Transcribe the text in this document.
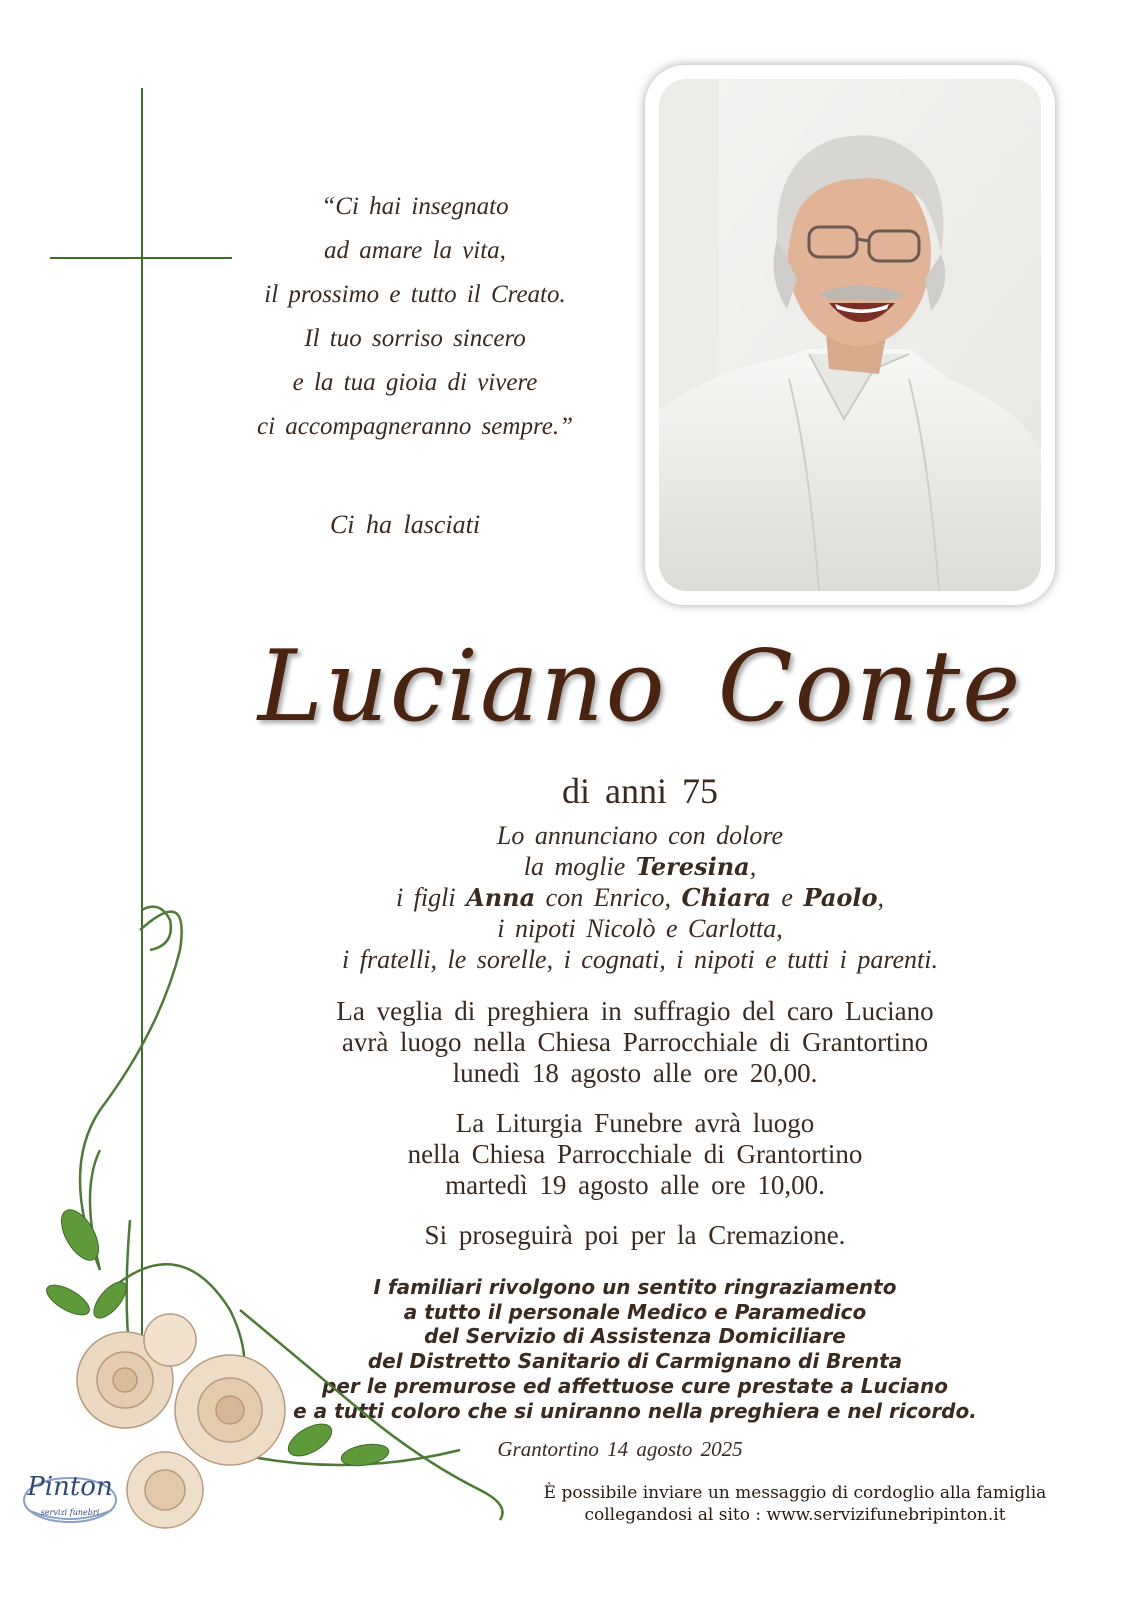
“Ci hai insegnato

ad amare la vita,

il prossimo e tutto il Creato.

Il tuo sorriso sincero

e la tua gioia di vivere

ci accompagneranno sempre.”

Ci ha lasciati
Luciano Conte
di anni 75

Lo annunciano con dolore

la moglie Teresina,

i figli Anna con Enrico, Chiara e Paolo,

i nipoti Nicolò e Carlotta,

i fratelli, le sorelle, i cognati, i nipoti e tutti i parenti.

La veglia di preghiera in suffragio del caro Luciano

avrà luogo nella Chiesa Parrocchiale di Grantortino

lunedì 18 agosto alle ore 20,00.

La Liturgia Funebre avrà luogo

nella Chiesa Parrocchiale di Grantortino

martedì 19 agosto alle ore 10,00.

Si proseguirà poi per la Cremazione.

I familiari rivolgono un sentito ringraziamento

a tutto il personale Medico e Paramedico

del Servizio di Assistenza Domiciliare

del Distretto Sanitario di Carmignano di Brenta

per le premurose ed affettuose cure prestate a Luciano

e a tutti coloro che si uniranno nella preghiera e nel ricordo.

Grantortino 14 agosto 2025
Pinton
servizi funebri

È possibile inviare un messaggio di cordoglio alla famiglia

collegandosi al sito : www.servizifunebripinton.it
